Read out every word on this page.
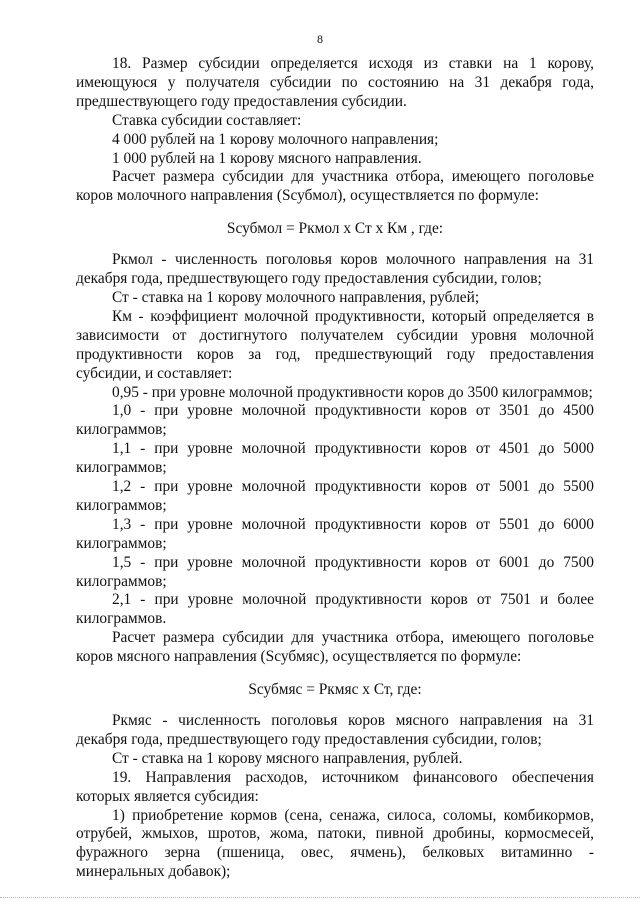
8

18. Размер субсидии определяется исходя из ставки на 1 корову, имеющуюся у получателя субсидии по состоянию на 31 декабря года, предшествующего году предоставления субсидии.

Ставка субсидии составляет:

4 000 рублей на 1 корову молочного направления;

1 000 рублей на 1 корову мясного направления.

Расчет размера субсидии для участника отбора, имеющего поголовье коров молочного направления (Sсубмол), осуществляется по формуле:

Sсубмол = Ркмол х Ст х Км , где:

Ркмол - численность поголовья коров молочного направления на 31 декабря года, предшествующего году предоставления субсидии, голов;

Ст - ставка на 1 корову молочного направления, рублей;

Км - коэффициент молочной продуктивности, который определяется в зависимости от достигнутого получателем субсидии уровня молочной продуктивности коров за год, предшествующий году предоставления субсидии, и составляет:

0,95 - при уровне молочной продуктивности коров до 3500 килограммов;

1,0 - при уровне молочной продуктивности коров от 3501 до 4500 килограммов;

1,1 - при уровне молочной продуктивности коров от 4501 до 5000 килограммов;

1,2 - при уровне молочной продуктивности коров от 5001 до 5500 килограммов;

1,3 - при уровне молочной продуктивности коров от 5501 до 6000 килограммов;

1,5 - при уровне молочной продуктивности коров от 6001 до 7500 килограммов;

2,1 - при уровне молочной продуктивности коров от 7501 и более килограммов.

Расчет размера субсидии для участника отбора, имеющего поголовье коров мясного направления (Sсубмяс), осуществляется по формуле:

Sсубмяс = Ркмяс х Ст, где:

Ркмяс - численность поголовья коров мясного направления на 31 декабря года, предшествующего году предоставления субсидии, голов;

Ст - ставка на 1 корову мясного направления, рублей.

19. Направления расходов, источником финансового обеспечения которых является субсидия:

1) приобретение кормов (сена, сенажа, силоса, соломы, комбикормов, отрубей, жмыхов, шротов, жома, патоки, пивной дробины, кормосмесей, фуражного зерна (пшеница, овес, ячмень), белковых витаминно - минеральных добавок);
